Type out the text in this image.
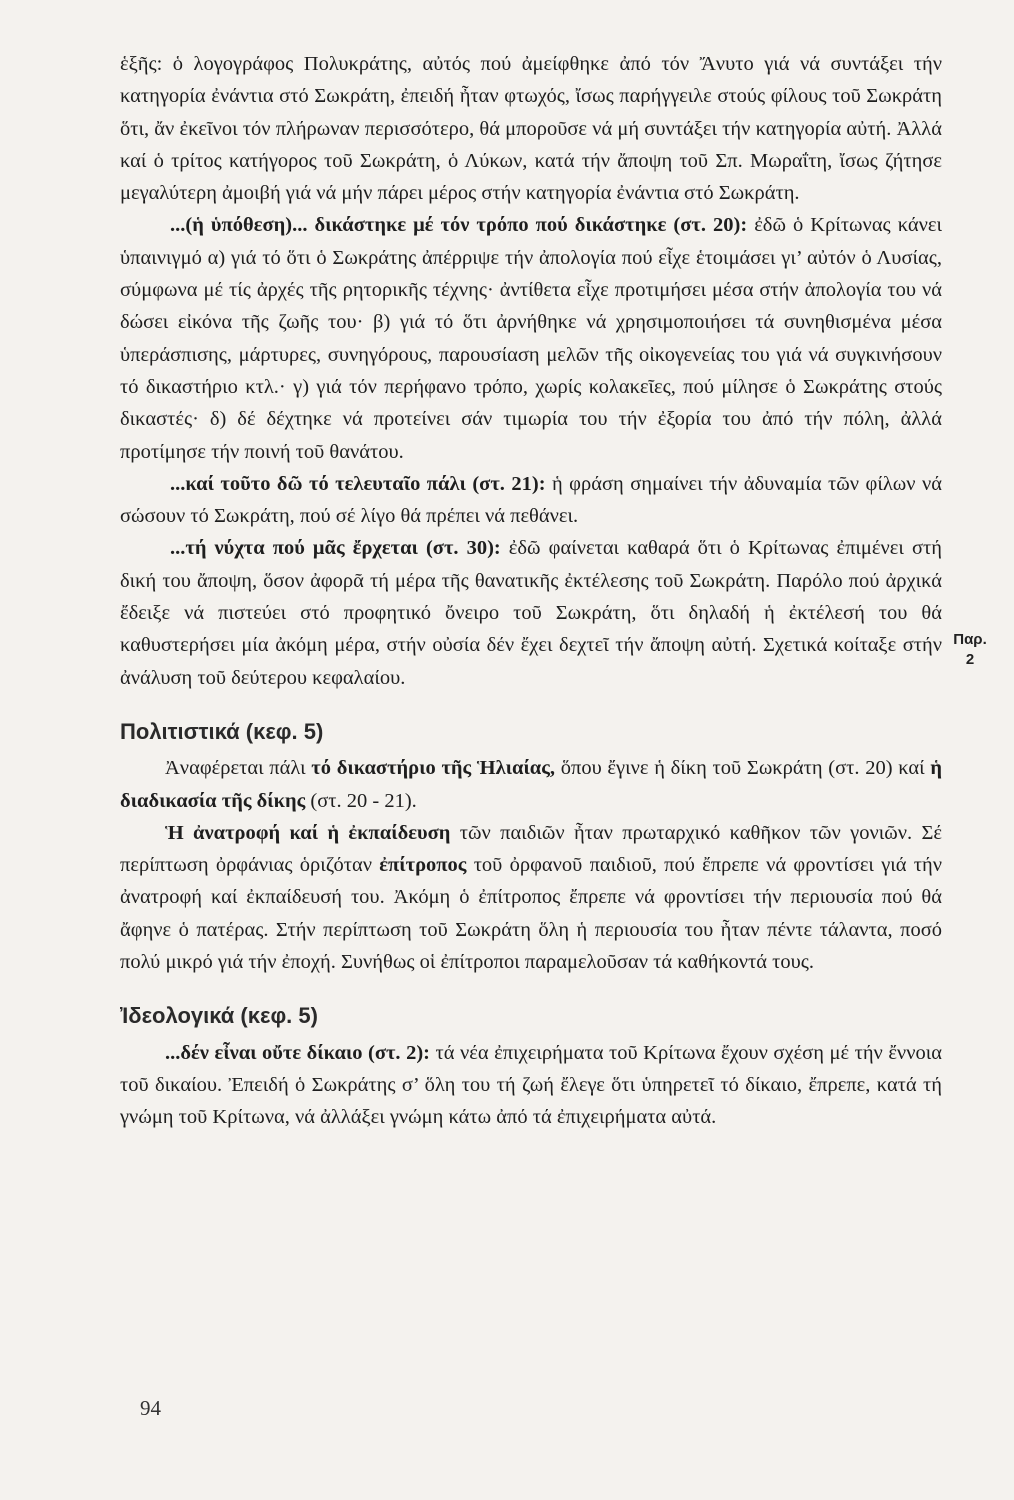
ἑξῆς: ὁ λογογράφος Πολυκράτης, αὐτός πού ἀμείφθηκε ἀπό τόν Ἄνυτο γιά νά συντάξει τήν κατηγορία ἐνάντια στό Σωκράτη, ἐπειδή ἦταν φτωχός, ἴσως παρήγγειλε στούς φίλους τοῦ Σωκράτη ὅτι, ἄν ἐκεῖνοι τόν πλήρωναν περισσότερο, θά μποροῦσε νά μή συντάξει τήν κατηγορία αὐτή. Ἀλλά καί ὁ τρίτος κατήγορος τοῦ Σωκράτη, ὁ Λύκων, κατά τήν ἄποψη τοῦ Σπ. Μωραΐτη, ἴσως ζήτησε μεγαλύτερη ἀμοιβή γιά νά μήν πάρει μέρος στήν κατηγορία ἐνάντια στό Σωκράτη.

...(ἡ ὑπόθεση)... δικάστηκε μέ τόν τρόπο πού δικάστηκε (στ. 20): ἐδῶ ὁ Κρίτωνας κάνει ὑπαινιγμό α) γιά τό ὅτι ὁ Σωκράτης ἀπέρριψε τήν ἀπολογία πού εἶχε ἑτοιμάσει γι’ αὐτόν ὁ Λυσίας, σύμφωνα μέ τίς ἀρχές τῆς ρητορικῆς τέχνης· ἀντίθετα εἶχε προτιμήσει μέσα στήν ἀπολογία του νά δώσει εἰκόνα τῆς ζωῆς του· β) γιά τό ὅτι ἀρνήθηκε νά χρησιμοποιήσει τά συνηθισμένα μέσα ὑπεράσπισης, μάρτυρες, συνηγόρους, παρουσίαση μελῶν τῆς οἰκογενείας του γιά νά συγκινήσουν τό δικαστήριο κτλ.· γ) γιά τόν περήφανο τρόπο, χωρίς κολακεῖες, πού μίλησε ὁ Σωκράτης στούς δικαστές· δ) δέ δέχτηκε νά προτείνει σάν τιμωρία του τήν ἐξορία του ἀπό τήν πόλη, ἀλλά προτίμησε τήν ποινή τοῦ θανάτου.

...καί τοῦτο δῶ τό τελευταῖο πάλι (στ. 21): ἡ φράση σημαίνει τήν ἀδυναμία τῶν φίλων νά σώσουν τό Σωκράτη, πού σέ λίγο θά πρέπει νά πεθάνει.

...τή νύχτα πού μᾶς ἔρχεται (στ. 30): ἐδῶ φαίνεται καθαρά ὅτι ὁ Κρίτωνας ἐπιμένει στή δική του ἄποψη, ὅσον ἀφορᾶ τή μέρα τῆς θανατικῆς ἐκτέλεσης τοῦ Σωκράτη. Παρόλο πού ἀρχικά ἔδειξε νά πιστεύει στό προφητικό ὄνειρο τοῦ Σωκράτη, ὅτι δηλαδή ἡ ἐκτέλεσή του θά καθυστερήσει μία ἀκόμη μέρα, στήν οὐσία δέν ἔχει δεχτεῖ τήν ἄποψη αὐτή. Σχετικά κοίταξε στήν ἀνάλυση τοῦ δεύτερου κεφαλαίου.

Πολιτιστικά (κεφ. 5)

Ἀναφέρεται πάλι τό δικαστήριο τῆς Ἡλιαίας, ὅπου ἔγινε ἡ δίκη τοῦ Σωκράτη (στ. 20) καί ἡ διαδικασία τῆς δίκης (στ. 20 - 21).

Ἡ ἀνατροφή καί ἡ ἐκπαίδευση τῶν παιδιῶν ἦταν πρωταρχικό καθῆκον τῶν γονιῶν. Σέ περίπτωση ὀρφάνιας ὁριζόταν ἐπίτροπος τοῦ ὀρφανοῦ παιδιοῦ, πού ἔπρεπε νά φροντίσει γιά τήν ἀνατροφή καί ἐκπαίδευσή του. Ἀκόμη ὁ ἐπίτροπος ἔπρεπε νά φροντίσει τήν περιουσία πού θά ἄφηνε ὁ πατέρας. Στήν περίπτωση τοῦ Σωκράτη ὅλη ἡ περιουσία του ἦταν πέντε τάλαντα, ποσό πολύ μικρό γιά τήν ἐποχή. Συνήθως οἱ ἐπίτροποι παραμελοῦσαν τά καθήκοντά τους.

Ἰδεολογικά (κεφ. 5)

...δέν εἶναι οὔτε δίκαιο (στ. 2): τά νέα ἐπιχειρήματα τοῦ Κρίτωνα ἔχουν σχέση μέ τήν ἔννοια τοῦ δικαίου. Ἐπειδή ὁ Σωκράτης σ’ ὅλη του τή ζωή ἔλεγε ὅτι ὑπηρετεῖ τό δίκαιο, ἔπρεπε, κατά τή γνώμη τοῦ Κρίτωνα, νά ἀλλάξει γνώμη κάτω ἀπό τά ἐπιχειρήματα αὐτά.

Παρ.
2
94
